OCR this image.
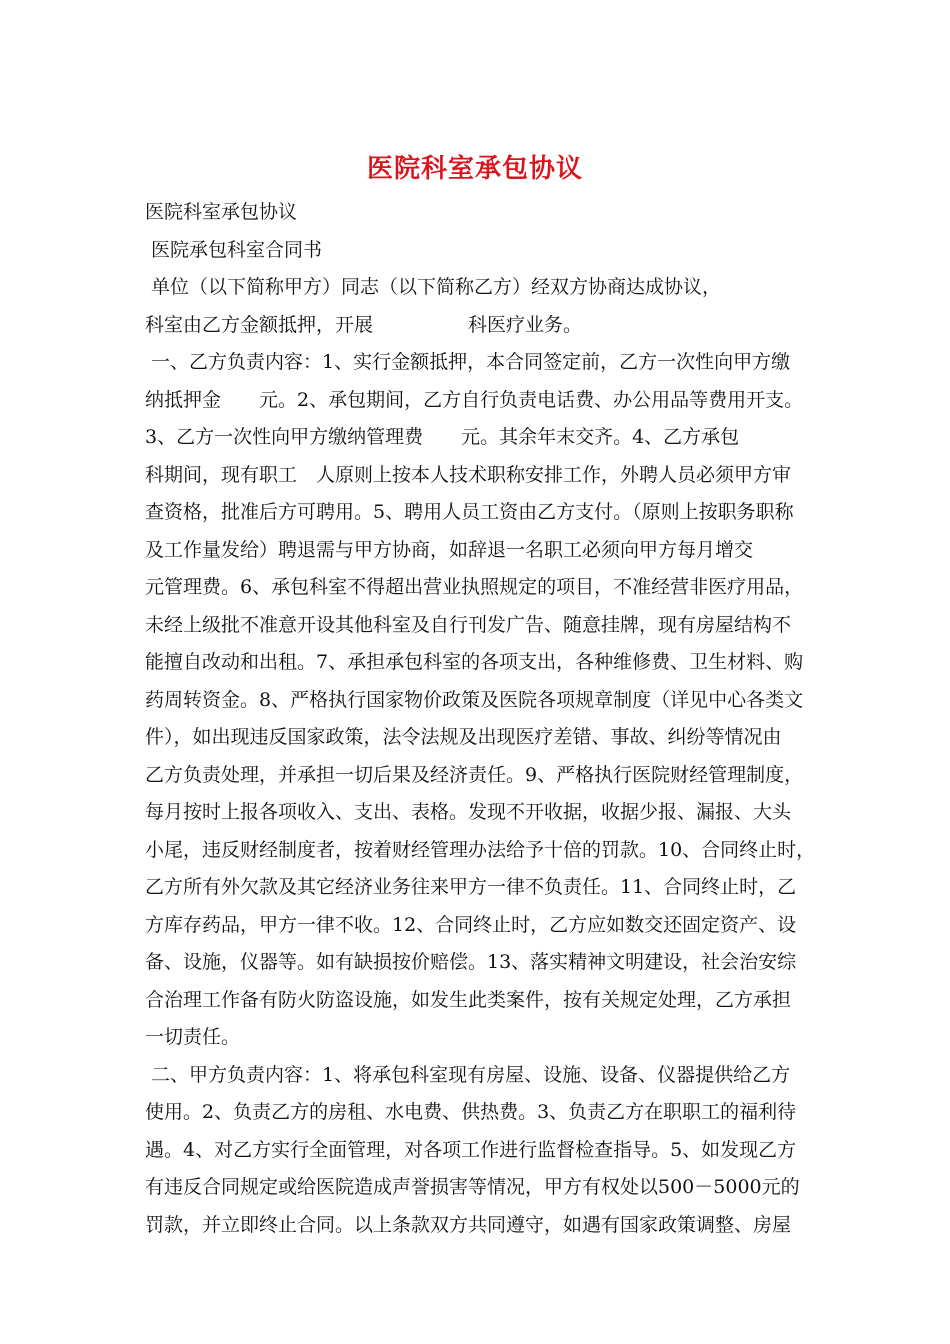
医院科室承包协议
医院科室承包协议
医院承包科室合同书
单位（以下简称甲方）同志（以下简称乙方）经双方协商达成协议，
科室由乙方金额抵押，开展　　　　　科医疗业务。
一、乙方负责内容：1、实行金额抵押，本合同签定前，乙方一次性向甲方缴
纳抵押金　　元。2、承包期间，乙方自行负责电话费、办公用品等费用开支。
3、乙方一次性向甲方缴纳管理费　　元。其余年末交齐。4、乙方承包
科期间，现有职工　人原则上按本人技术职称安排工作，外聘人员必须甲方审
查资格，批准后方可聘用。5、聘用人员工资由乙方支付。（原则上按职务职称
及工作量发给）聘退需与甲方协商，如辞退一名职工必须向甲方每月增交
元管理费。6、承包科室不得超出营业执照规定的项目，不准经营非医疗用品，
未经上级批不准意开设其他科室及自行刊发广告、随意挂牌，现有房屋结构不
能擅自改动和出租。7、承担承包科室的各项支出，各种维修费、卫生材料、购
药周转资金。8、严格执行国家物价政策及医院各项规章制度（详见中心各类文
件），如出现违反国家政策，法令法规及出现医疗差错、事故、纠纷等情况由
乙方负责处理，并承担一切后果及经济责任。9、严格执行医院财经管理制度，
每月按时上报各项收入、支出、表格。发现不开收据，收据少报、漏报、大头
小尾，违反财经制度者，按着财经管理办法给予十倍的罚款。10、合同终止时，
乙方所有外欠款及其它经济业务往来甲方一律不负责任。11、合同终止时，乙
方库存药品，甲方一律不收。12、合同终止时，乙方应如数交还固定资产、设
备、设施，仪器等。如有缺损按价赔偿。13、落实精神文明建设，社会治安综
合治理工作备有防火防盗设施，如发生此类案件，按有关规定处理，乙方承担
一切责任。
二、甲方负责内容：1、将承包科室现有房屋、设施、设备、仪器提供给乙方
使用。2、负责乙方的房租、水电费、供热费。3、负责乙方在职职工的福利待
遇。4、对乙方实行全面管理，对各项工作进行监督检查指导。5、如发现乙方
有违反合同规定或给医院造成声誉损害等情况，甲方有权处以500－5000元的
罚款，并立即终止合同。以上条款双方共同遵守，如遇有国家政策调整、房屋
